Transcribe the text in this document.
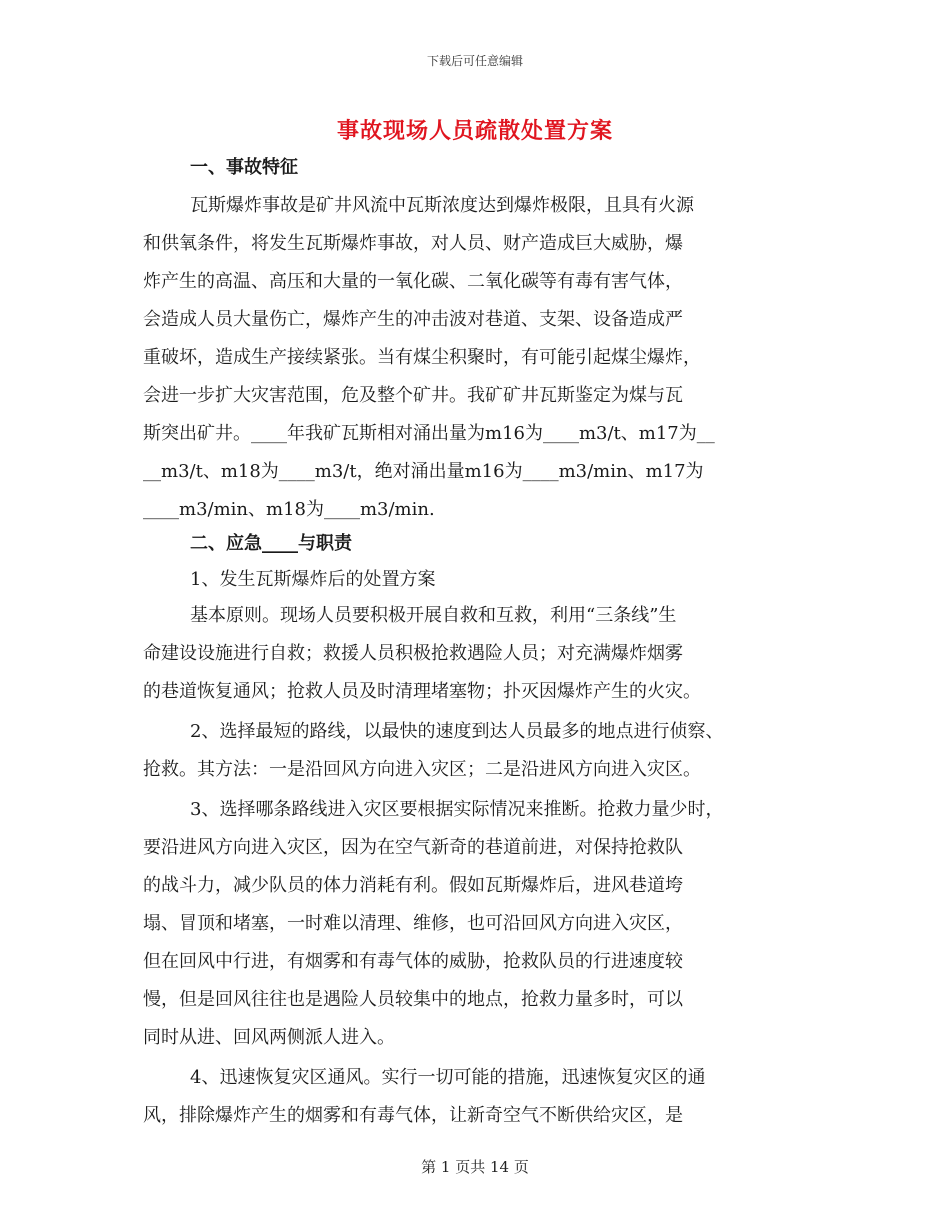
下载后可任意编辑
事故现场人员疏散处置方案
一、事故特征
瓦斯爆炸事故是矿井风流中瓦斯浓度达到爆炸极限，且具有火源
和供氧条件，将发生瓦斯爆炸事故，对人员、财产造成巨大威胁，爆
炸产生的高温、高压和大量的一氧化碳、二氧化碳等有毒有害气体，
会造成人员大量伤亡，爆炸产生的冲击波对巷道、支架、设备造成严
重破坏，造成生产接续紧张。当有煤尘积聚时，有可能引起煤尘爆炸，
会进一步扩大灾害范围，危及整个矿井。我矿矿井瓦斯鉴定为煤与瓦
斯突出矿井。____年我矿瓦斯相对涌出量为m16为____m3/t、m17为__
__m3/t、m18为____m3/t，绝对涌出量m16为____m3/min、m17为
____m3/min、m18为____m3/min.
二、应急____与职责
1、发生瓦斯爆炸后的处置方案
基本原则。现场人员要积极开展自救和互救，利用“三条线”生
命建设设施进行自救；救援人员积极抢救遇险人员；对充满爆炸烟雾
的巷道恢复通风；抢救人员及时清理堵塞物；扑灭因爆炸产生的火灾。
2、选择最短的路线，以最快的速度到达人员最多的地点进行侦察、
抢救。其方法：一是沿回风方向进入灾区；二是沿进风方向进入灾区。
3、选择哪条路线进入灾区要根据实际情况来推断。抢救力量少时，
要沿进风方向进入灾区，因为在空气新奇的巷道前进，对保持抢救队
的战斗力，减少队员的体力消耗有利。假如瓦斯爆炸后，进风巷道垮
塌、冒顶和堵塞，一时难以清理、维修，也可沿回风方向进入灾区，
但在回风中行进，有烟雾和有毒气体的威胁，抢救队员的行进速度较
慢，但是回风往往也是遇险人员较集中的地点，抢救力量多时，可以
同时从进、回风两侧派人进入。
4、迅速恢复灾区通风。实行一切可能的措施，迅速恢复灾区的通
风，排除爆炸产生的烟雾和有毒气体，让新奇空气不断供给灾区，是
第 1 页共 14 页
